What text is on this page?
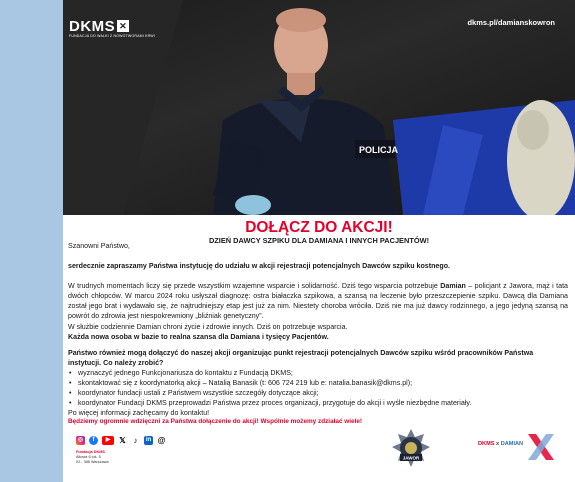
POLICJA
DKMS ✕
FUNDACJA DO WALKI Z NOWOTWORAMI KRWI
dkms.pl/damianskowron
DOŁĄCZ DO AKCJI!
DZIEŃ DAWCY SZPIKU DLA DAMIANA I INNYCH PACJENTÓW!

Szanowni Państwo,

serdecznie zapraszamy Państwa instytucję do udziału w akcji rejestracji potencjalnych Dawców szpiku kostnego.

W trudnych momentach liczy się przede wszystkim wzajemne wsparcie i solidarność. Dziś tego wsparcia potrzebuje Damian – policjant z Jawora, mąż i tata dwóch chłopców. W marcu 2024 roku usłyszał diagnozę: ostra białaczka szpikowa, a szansą na leczenie było przeszczepienie szpiku. Dawcą dla Damiana został jego brat i wydawało się, że najtrudniejszy etap jest już za nim. Niestety choroba wróciła. Dziś nie ma już dawcy rodzinnego, a jego jedyną szansą na powrót do zdrowia jest niespokrewniony „bliźniak genetyczny”.

W służbie codziennie Damian chroni życie i zdrowie innych. Dziś on potrzebuje wsparcia.

Każda nowa osoba w bazie to realna szansa dla Damiana i tysięcy Pacjentów.

Państwo również mogą dołączyć do naszej akcji organizując punkt rejestracji potencjalnych Dawców szpiku wśród pracowników Państwa instytucji. Co należy zrobić?

• wyznaczyć jednego Funkcjonariusza do kontaktu z Fundacją DKMS;
• skontaktować się z koordynatorką akcji – Natalią Banasik (t: 606 724 219 lub e: natalia.banasik@dkms.pl);
• koordynator fundacji ustali z Państwem wszystkie szczegóły dotyczące akcji;
• koordynator Fundacji DKMS przeprowadzi Państwa przez proces organizacji, przygotuje do akcji i wyśle niezbędne materiały.

Po więcej informacji zachęcamy do kontaktu!

Będziemy ogromnie wdzięczni za Państwa dołączenie do akcji! Wspólnie możemy zdziałać wiele!
◎	f	▶	𝕏 ♪	in @
Fundacja DKMS
Altowa 6 lok. 5
02 - 386 Warszawa
JAWOR
DKMS x DAMIAN
